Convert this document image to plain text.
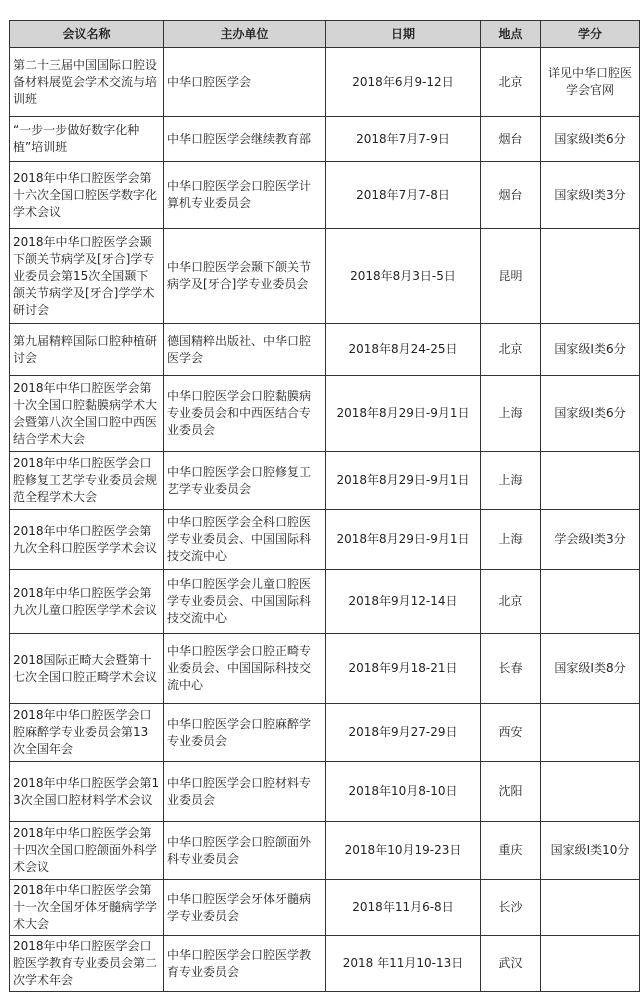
会议名称	主办单位	日期	地点	学分
第二十三届中国国际口腔设备材料展览会学术交流与培训班	中华口腔医学会	2018年6月9-12日	北京	详见中华口腔医学会官网
“一步一步做好数字化种植”培训班	中华口腔医学会继续教育部	2018年7月7-9日	烟台	国家级I类6分
2018年中华口腔医学会第十六次全国口腔医学数字化学术会议	中华口腔医学会口腔医学计算机专业委员会	2018年7月7-8日	烟台	国家级I类3分
2018年中华口腔医学会颞下颌关节病学及[牙合]学专业委员会第15次全国颞下颌关节病学及[牙合]学学术研讨会	中华口腔医学会颞下颌关节病学及[牙合]学专业委员会	2018年8月3日-5日	昆明	
第九届精粹国际口腔种植研讨会	德国精粹出版社、中华口腔医学会	2018年8月24-25日	北京	国家级I类6分
2018年中华口腔医学会第十次全国口腔黏膜病学术大会暨第八次全国口腔中西医结合学术大会	中华口腔医学会口腔黏膜病专业委员会和中西医结合专业委员会	2018年8月29日-9月1日	上海	国家级I类6分
2018年中华口腔医学会口腔修复工艺学专业委员会规范全程学术大会	中华口腔医学会口腔修复工艺学专业委员会	2018年8月29日-9月1日	上海	
2018年中华口腔医学会第九次全科口腔医学学术会议	中华口腔医学会全科口腔医学专业委员会、中国国际科技交流中心	2018年8月29日-9月1日	上海	学会级I类3分
2018年中华口腔医学会第九次儿童口腔医学学术会议	中华口腔医学会儿童口腔医学专业委员会、中国国际科技交流中心	2018年9月12-14日	北京	
2018国际正畸大会暨第十七次全国口腔正畸学术会议	中华口腔医学会口腔正畸专业委员会、中国国际科技交流中心	2018年9月18-21日	长春	国家级I类8分
2018年中华口腔医学会口腔麻醉学专业委员会第13次全国年会	中华口腔医学会口腔麻醉学专业委员会	2018年9月27-29日	西安	
2018年中华口腔医学会第13次全国口腔材料学术会议	中华口腔医学会口腔材料专业委员会	2018年10月8-10日	沈阳	
2018年中华口腔医学会第十四次全国口腔颌面外科学术会议	中华口腔医学会口腔颌面外科专业委员会	2018年10月19-23日	重庆	国家级I类10分
2018年中华口腔医学会第十一次全国牙体牙髓病学学术大会	中华口腔医学会牙体牙髓病学专业委员会	2018年11月6-8日	长沙	
2018年中华口腔医学会口腔医学教育专业委员会第二次学术年会	中华口腔医学会口腔医学教育专业委员会	2018 年11月10-13日	武汉	
